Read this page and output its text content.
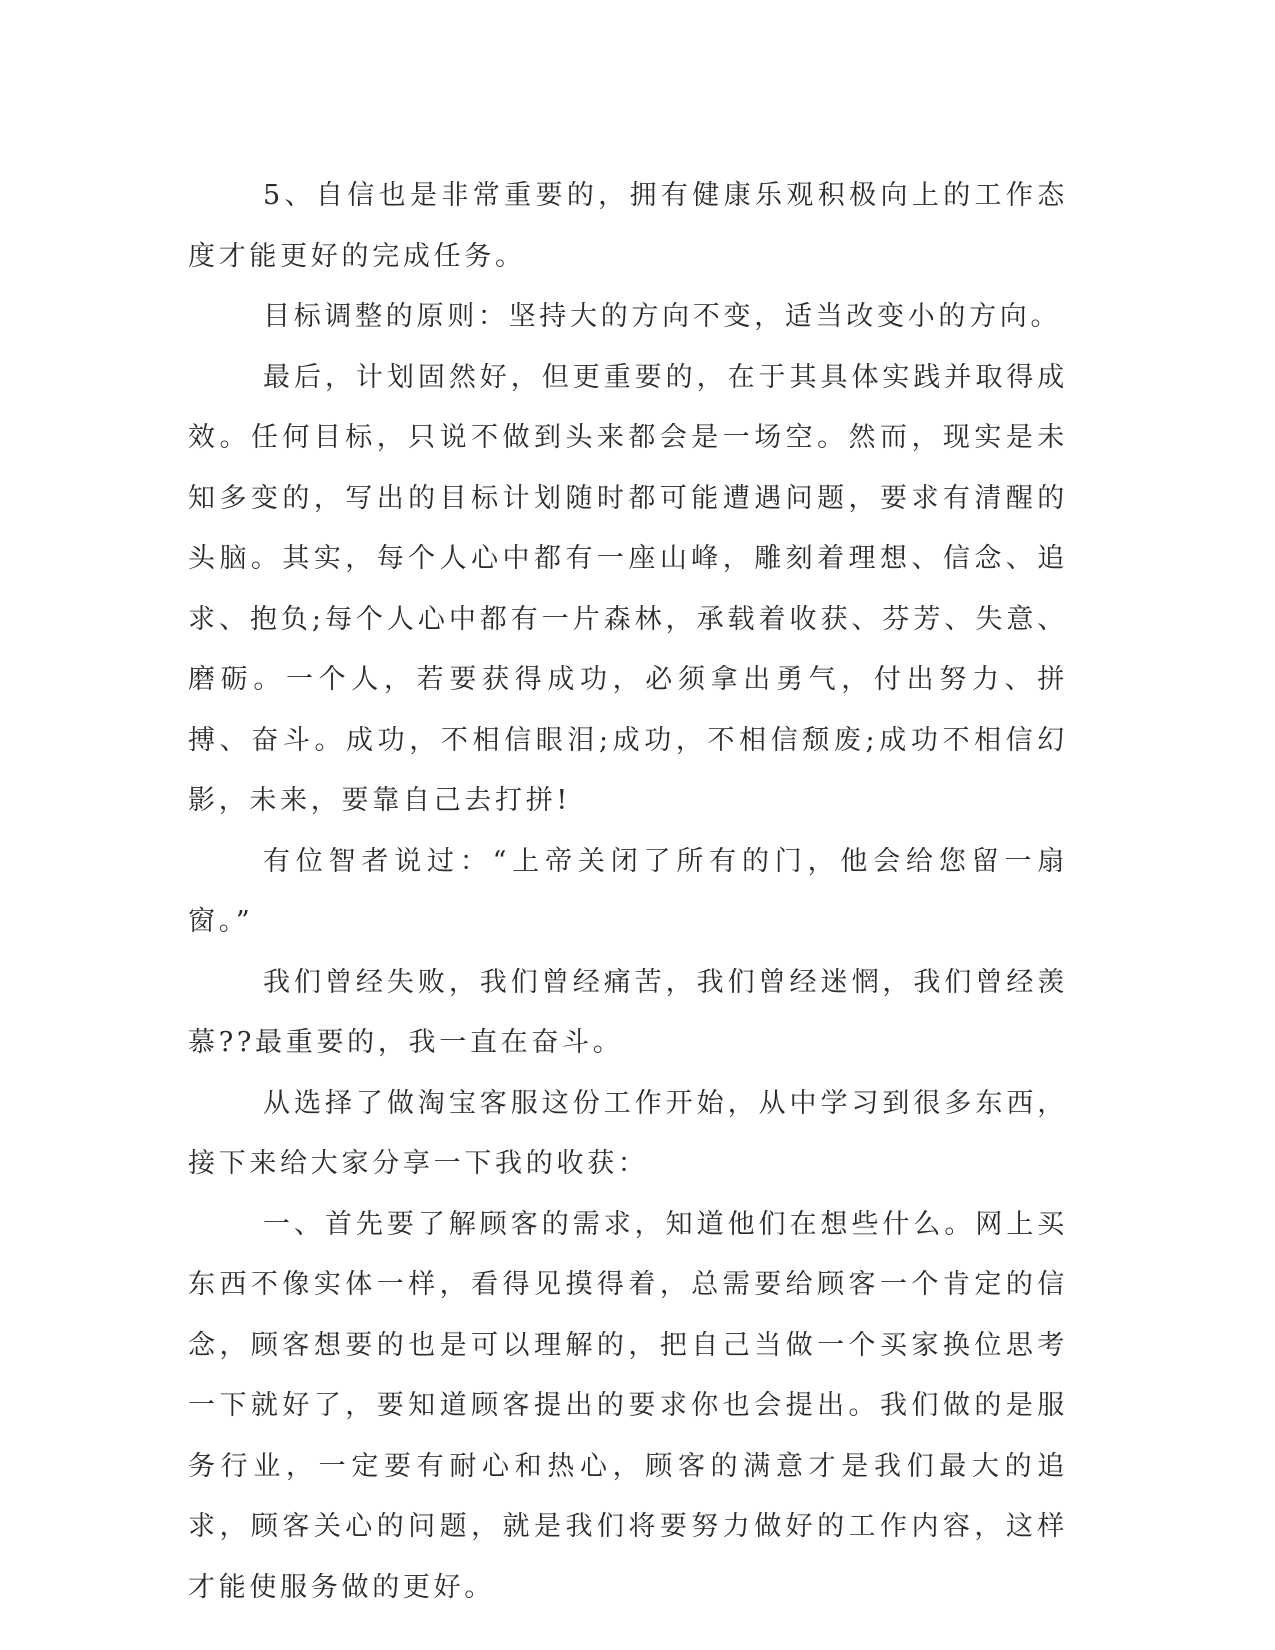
5、自信也是非常重要的，拥有健康乐观积极向上的工作态度才能更好的完成任务。

目标调整的原则：坚持大的方向不变，适当改变小的方向。

最后，计划固然好，但更重要的，在于其具体实践并取得成效。任何目标，只说不做到头来都会是一场空。然而，现实是未知多变的，写出的目标计划随时都可能遭遇问题，要求有清醒的头脑。其实，每个人心中都有一座山峰，雕刻着理想、信念、追求、抱负;每个人心中都有一片森林，承载着收获、芬芳、失意、磨砺。一个人，若要获得成功，必须拿出勇气，付出努力、拼搏、奋斗。成功，不相信眼泪;成功，不相信颓废;成功不相信幻影，未来，要靠自己去打拼!

有位智者说过：“上帝关闭了所有的门，他会给您留一扇窗。”

我们曾经失败，我们曾经痛苦，我们曾经迷惘，我们曾经羡慕??最重要的，我一直在奋斗。

从选择了做淘宝客服这份工作开始，从中学习到很多东西，接下来给大家分享一下我的收获：

一、首先要了解顾客的需求，知道他们在想些什么。网上买东西不像实体一样，看得见摸得着，总需要给顾客一个肯定的信念，顾客想要的也是可以理解的，把自己当做一个买家换位思考一下就好了，要知道顾客提出的要求你也会提出。我们做的是服务行业，一定要有耐心和热心，顾客的满意才是我们最大的追求，顾客关心的问题，就是我们将要努力做好的工作内容，这样才能使服务做的更好。
